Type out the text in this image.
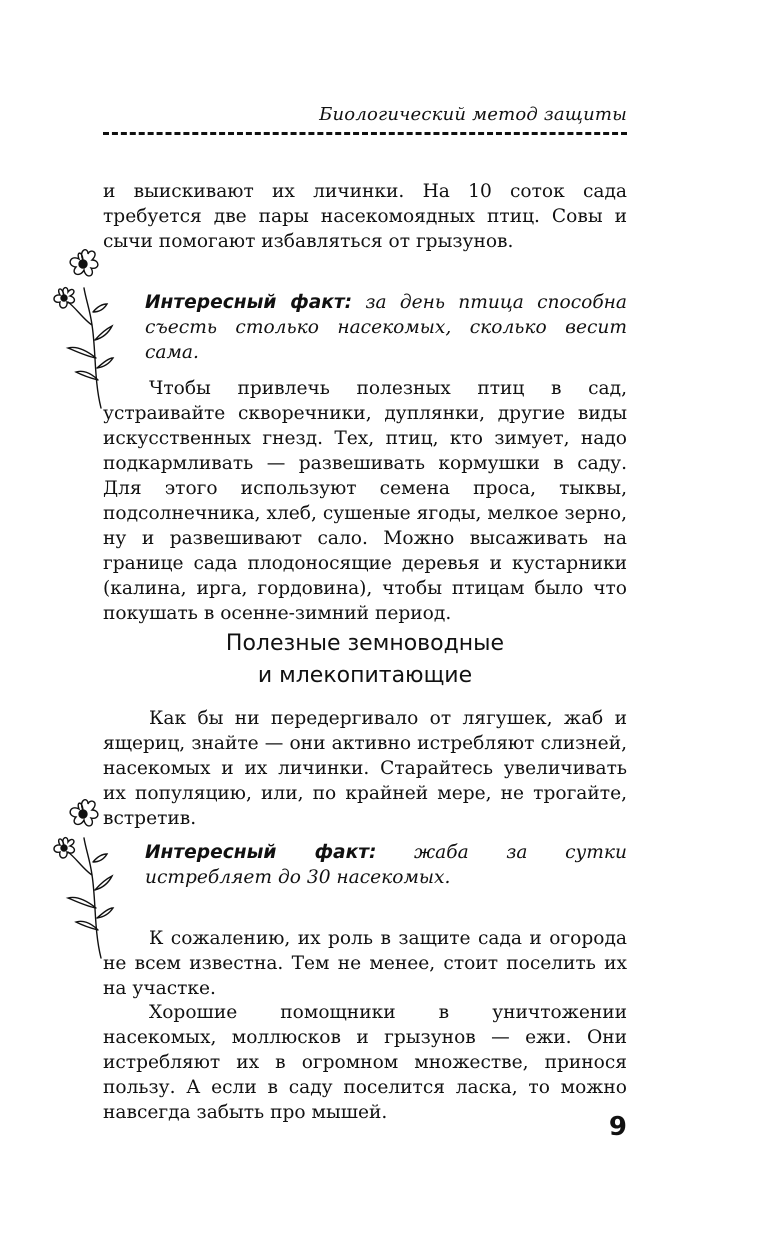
Биологический метод защиты

и выискивают их личинки. На 10 соток сада требуется две пары насекомоядных птиц. Совы и сычи помогают избавляться от грызунов.

Интересный факт: за день птица способна съесть столько насекомых, сколько весит сама.

Чтобы привлечь полезных птиц в сад, устраивайте скворечники, дуплянки, другие виды искусственных гнезд. Тех, птиц, кто зимует, надо подкармливать — развешивать кормушки в саду. Для этого используют семена проса, тыквы, подсолнечника, хлеб, сушеные ягоды, мелкое зерно, ну и развешивают сало. Можно высаживать на границе сада плодоносящие деревья и кустарники (калина, ирга, гордовина), чтобы птицам было что покушать в осенне-зимний период.

Полезные земноводные
и млекопитающие

Как бы ни передергивало от лягушек, жаб и ящериц, знайте — они активно истребляют слизней, насекомых и их личинки. Старайтесь увеличивать их популяцию, или, по крайней мере, не трогайте, встретив.

Интересный факт: жаба за сутки истребляет до 30 насекомых.

К сожалению, их роль в защите сада и огорода не всем известна. Тем не менее, стоит поселить их на участке.

Хорошие помощники в уничтожении насекомых, моллюсков и грызунов — ежи. Они истребляют их в огромном множестве, принося пользу. А если в саду поселится ласка, то можно навсегда забыть про мышей.	9
